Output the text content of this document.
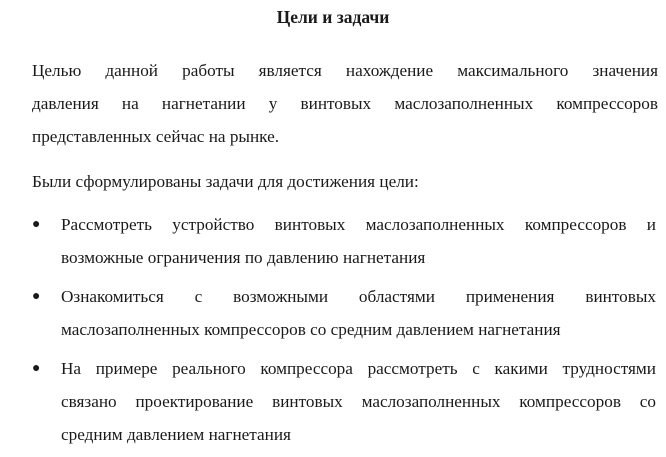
Цели и задачи
Целью данной работы является нахождение максимального значения
давления на нагнетании у винтовых маслозаполненных компрессоров
представленных сейчас на рынке.
Были сформулированы задачи для достижения цели:
● Рассмотреть устройство винтовых маслозаполненных компрессоров и
возможные ограничения по давлению нагнетания
● Ознакомиться с возможными областями применения винтовых
маслозаполненных компрессоров со средним давлением нагнетания
● На примере реального компрессора рассмотреть с какими трудностями
связано проектирование винтовых маслозаполненных компрессоров со
средним давлением нагнетания
